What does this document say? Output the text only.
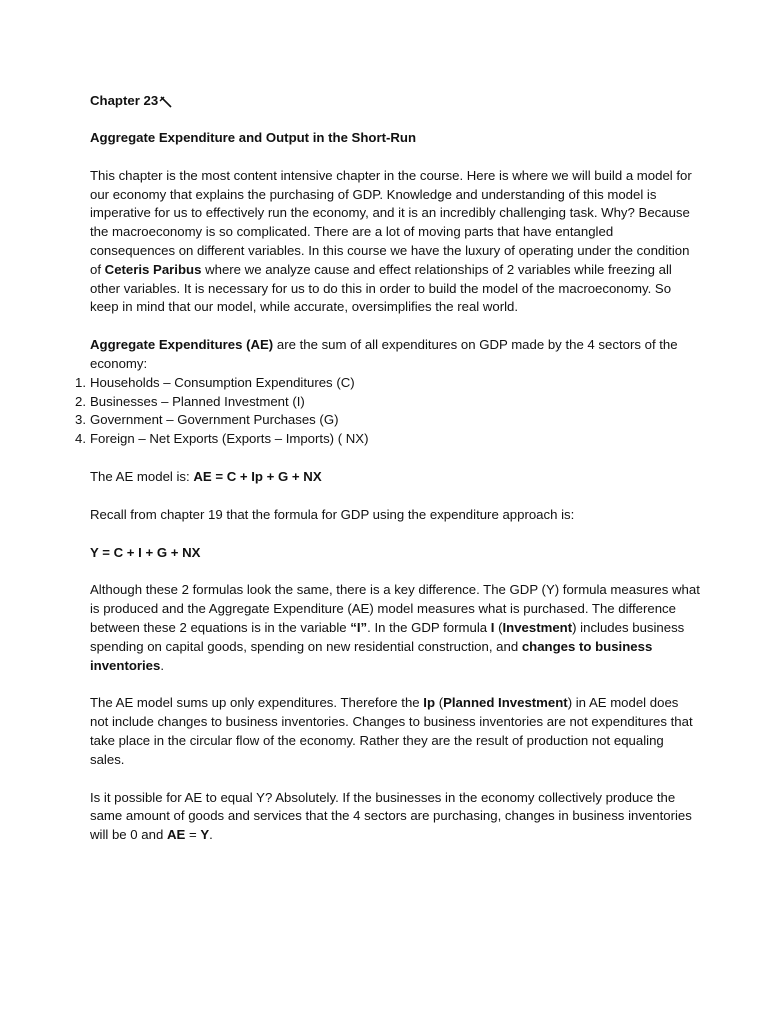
Chapter 23

Aggregate Expenditure and Output in the Short-Run

This chapter is the most content intensive chapter in the course. Here is where we will build a model for our economy that explains the purchasing of GDP. Knowledge and understanding of this model is imperative for us to effectively run the economy, and it is an incredibly challenging task. Why? Because the macroeconomy is so complicated. There are a lot of moving parts that have entangled consequences on different variables. In this course we have the luxury of operating under the condition of Ceteris Paribus where we analyze cause and effect relationships of 2 variables while freezing all other variables. It is necessary for us to do this in order to build the model of the macroeconomy. So keep in mind that our model, while accurate, oversimplifies the real world.

Aggregate Expenditures (AE) are the sum of all expenditures on GDP made by the 4 sectors of the economy:

1. Households – Consumption Expenditures (C)
2. Businesses – Planned Investment (I)
3. Government – Government Purchases (G)
4. Foreign – Net Exports (Exports – Imports) ( NX)

The AE model is: AE = C + Ip + G + NX

Recall from chapter 19 that the formula for GDP using the expenditure approach is:

Y = C + I + G + NX

Although these 2 formulas look the same, there is a key difference. The GDP (Y) formula measures what is produced and the Aggregate Expenditure (AE) model measures what is purchased. The difference between these 2 equations is in the variable “I”. In the GDP formula I (Investment) includes business spending on capital goods, spending on new residential construction, and changes to business inventories.

The AE model sums up only expenditures. Therefore the Ip (Planned Investment) in AE model does not include changes to business inventories. Changes to business inventories are not expenditures that take place in the circular flow of the economy. Rather they are the result of production not equaling sales.

Is it possible for AE to equal Y? Absolutely. If the businesses in the economy collectively produce the same amount of goods and services that the 4 sectors are purchasing, changes in business inventories will be 0 and AE = Y.
